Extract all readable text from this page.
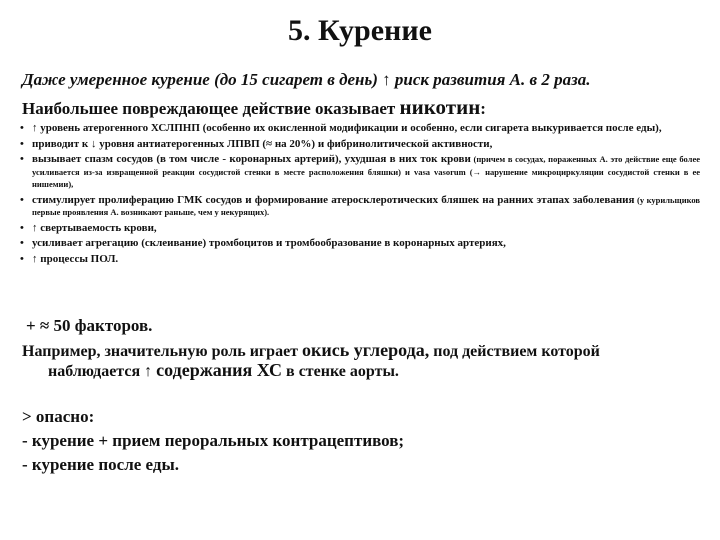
5. Курение
Даже умеренное курение (до 15 сигарет в день) ↑ риск развития А. в 2 раза.
Наибольшее повреждающее действие оказывает никотин:
• ↑ уровень атерогенного ХСЛПНП (особенно их окисленной модификации и особенно, если сигарета выкуривается после еды),
• приводит к ↓ уровня антиатерогенных ЛПВП (≈ на 20%) и фибринолитической активности,
• вызывает спазм сосудов (в том числе - коронарных артерий), ухудшая в них ток крови (причем в сосудах, пораженных А. это действие еще более усиливается из-за извращенной реакции сосудистой стенки в месте расположения бляшки) и vasa vasorum (→ нарушение микроциркуляции сосудистой стенки в ее нишемии),
• стимулирует пролиферацию ГМК сосудов и формирование атеросклеротических бляшек на ранних этапах заболевания (у курильщиков первые проявления А. возникают раньше, чем у некурящих).
• ↑ свертываемость крови,
• усиливает агрегацию (склеивание) тромбоцитов и тромбообразование в коронарных артериях,
• ↑ процессы ПОЛ.
+ ≈ 50 факторов.
Например, значительную роль играет окись углерода, под действием которой
наблюдается ↑ содержания ХС в стенке аорты.
> опасно:
- курение + прием пероральных контрацептивов;
- курение после еды.
